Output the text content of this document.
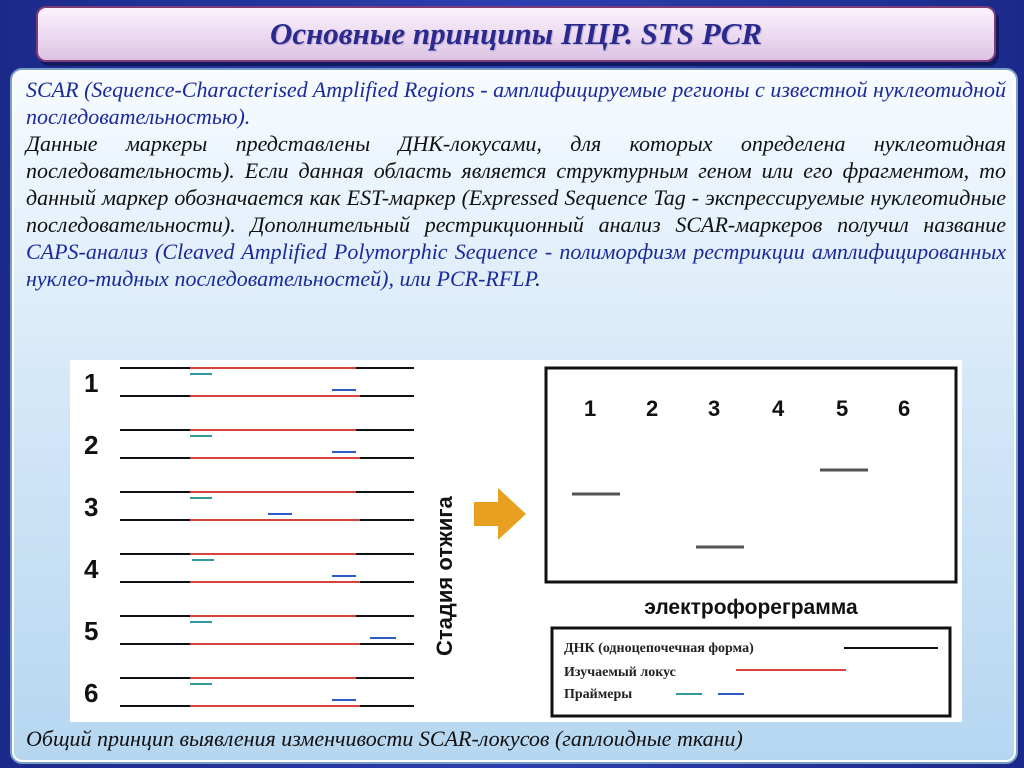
Основные принципы ПЦР. STS PCR

SCAR (Sequence-Characterised Amplified Regions - амплифицируемые регионы с известной нуклеотидной последовательностью).

Данные маркеры представлены ДНК-локусами, для которых определена нуклеотидная последовательность). Если данная область является структурным геном или его фрагментом, то данный маркер обозначается как EST-маркер (Expressed Sequence Tag - экспрессируемые нуклеотидные последовательности). Дополнительный рестрикционный анализ SCAR-маркеров получил название CAPS-анализ (Cleaved Amplified Polymorphic Sequence - полиморфизм рестрикции амплифицированных нуклео-тидных последовательностей), или PCR-RFLP.

1
2
3
4
5
6
Стадия отжига
1 2 3 4 5 6
электрофореграмма
ДНК (одноцепочечная форма)
Изучаемый локус
Праймеры

Общий принцип выявления изменчивости SCAR-локусов (гаплоидные ткани)
